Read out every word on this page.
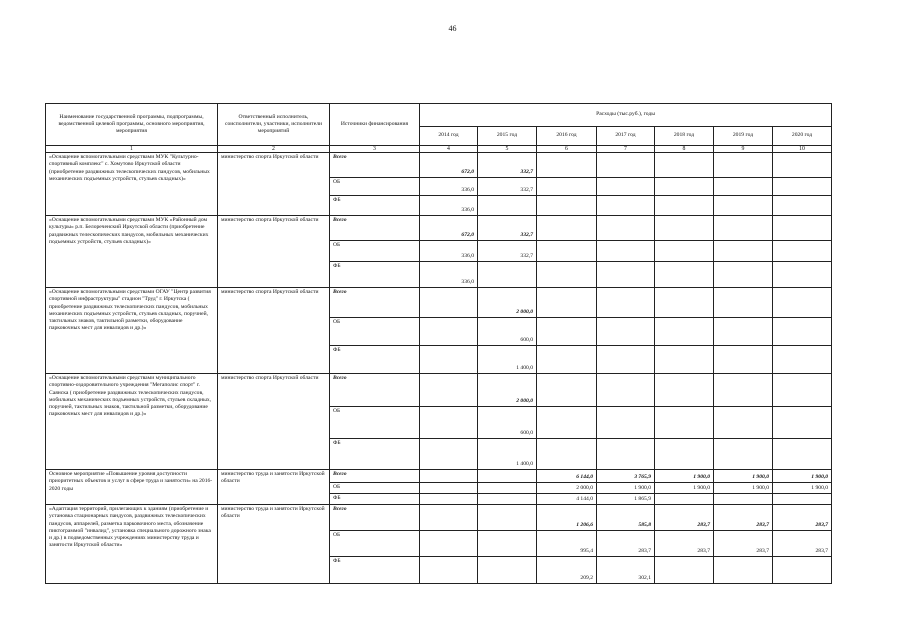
46
Наименование государственной программы, подпрограммы, ведомственной целевой программы, основного мероприятия, мероприятия	Ответственный исполнитель, соисполнители, участники, исполнители мероприятий	Источники финансирования	Расходы (тыс.руб.), годы						
			2014 год	2015 год	2016 год	2017 год	2018 год	2019 год	2020 год
1	2	3	4	5	6	7	8	9	10
«Оснащение вспомогательными средствами МУК "Культурно-спортивный комплекс" с. Хомутово Иркутской области (приобретение раздвижных телескопических пандусов, мобильных механических подъемных устройств, стульев складных)»	министерство спорта Иркутской области	Всего	672,0	332,7					
		ОБ	336,0	332,7					
		ФБ	336,0						
«Оснащение вспомогательными средствами МУК «Районный дом культуры» р.п. Белореченский Иркутской области (приобретение раздвижных телескопических пандусов, мобильных механических подъемных устройств, стульев складных)»	министерство спорта Иркутской области	Всего	672,0	332,7					
		ОБ	336,0	332,7					
		ФБ	336,0						
«Оснащение вспомогательными средствами ОГАУ "Центр развития спортивной инфраструктуры" стадион "Труд" г. Иркутска ( приобретение раздвижных телескопических пандусов, мобильных механических подъемных устройств, стульев складных, поручней, тактильных знаков, тактильной разметки, оборудование парковочных мест для инвалидов и др.)»	министерство спорта Иркутской области	Всего		2 000,0					
		ОБ		600,0					
		ФБ		1 400,0					
«Оснащение вспомогательными средствами муниципального спортивно-оздоровительного учреждения "Мегаполис спорт" г. Саянска ( приобретение раздвижных телескопических пандусов, мобильных механических подъемных устройств, стульев складных, поручней, тактильных знаков, тактильной разметки, оборудование парковочных мест для инвалидов и др.)»	министерство спорта Иркутской области	Всего		2 000,0					
		ОБ		600,0					
		ФБ		1 400,0					
Основное мероприятие «Повышение уровня доступности приоритетных объектов и услуг в сфере труда и занятости» на 2016-2020 годы	министерство труда и занятости Иркутской области	Всего			6 144,0	3 765,9	1 900,0	1 900,0	1 900,0
		ОБ			2 000,0	1 900,0	1 900,0	1 900,0	1 900,0
		ФБ			4 144,0	1 865,9			
«Адаптация территорий, прилегающих к зданиям (приобретение и установка стационарных пандусов, раздвижных телескопических пандусов, аппарелей, разметка парковочного места, обозначение пиктограммой "инвалид", установка специального дорожного знака и др.) в подведомственных учреждениях министерству труда и занятости Иркутской области»	министерство труда и занятости Иркутской области	Всего			1 206,6	585,8	283,7	283,7	283,7
		ОБ			995,4	283,7	283,7	283,7	283,7
		ФБ			209,2	302,1			
